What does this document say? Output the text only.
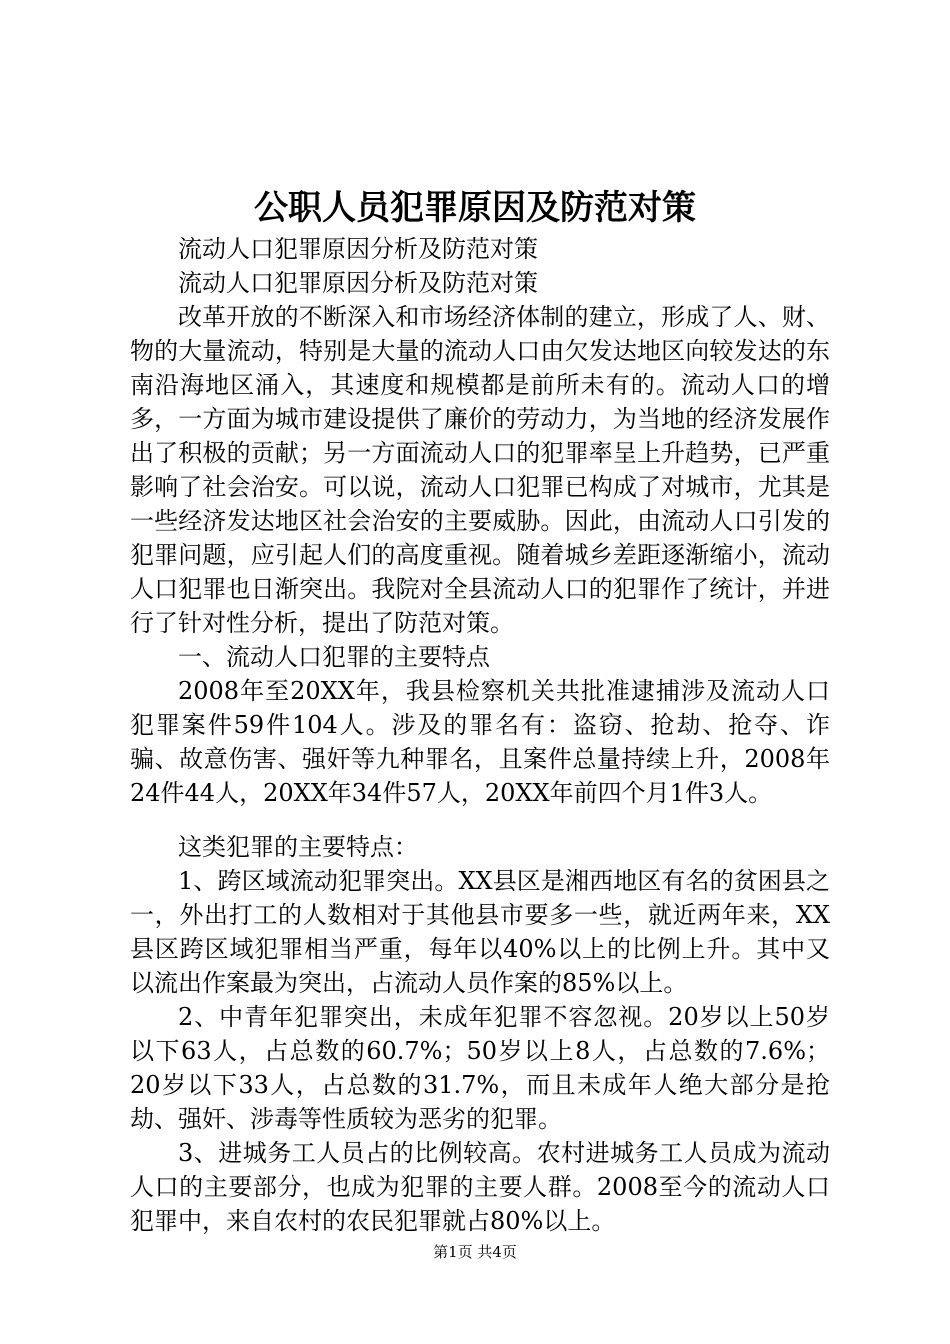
公职人员犯罪原因及防范对策

流动人口犯罪原因分析及防范对策

流动人口犯罪原因分析及防范对策

改革开放的不断深入和市场经济体制的建立，形成了人、财、物的大量流动，特别是大量的流动人口由欠发达地区向较发达的东南沿海地区涌入，其速度和规模都是前所未有的。流动人口的增多，一方面为城市建设提供了廉价的劳动力，为当地的经济发展作出了积极的贡献；另一方面流动人口的犯罪率呈上升趋势，已严重影响了社会治安。可以说，流动人口犯罪已构成了对城市，尤其是一些经济发达地区社会治安的主要威胁。因此，由流动人口引发的犯罪问题，应引起人们的高度重视。随着城乡差距逐渐缩小，流动人口犯罪也日渐突出。我院对全县流动人口的犯罪作了统计，并进行了针对性分析，提出了防范对策。

一、流动人口犯罪的主要特点

2008年至20XX年，我县检察机关共批准逮捕涉及流动人口犯罪案件59件104人。涉及的罪名有：盗窃、抢劫、抢夺、诈骗、故意伤害、强奸等九种罪名，且案件总量持续上升，2008年24件44人，20XX年34件57人，20XX年前四个月1件3人。

这类犯罪的主要特点：

1、跨区域流动犯罪突出。XX县区是湘西地区有名的贫困县之一，外出打工的人数相对于其他县市要多一些，就近两年来，XX县区跨区域犯罪相当严重，每年以40%以上的比例上升。其中又以流出作案最为突出，占流动人员作案的85%以上。

2、中青年犯罪突出，未成年犯罪不容忽视。20岁以上50岁以下63人，占总数的60.7%；50岁以上8人，占总数的7.6%；20岁以下33人，占总数的31.7%，而且未成年人绝大部分是抢劫、强奸、涉毒等性质较为恶劣的犯罪。

3、进城务工人员占的比例较高。农村进城务工人员成为流动人口的主要部分，也成为犯罪的主要人群。2008至今的流动人口犯罪中，来自农村的农民犯罪就占80%以上。

第1页 共4页
